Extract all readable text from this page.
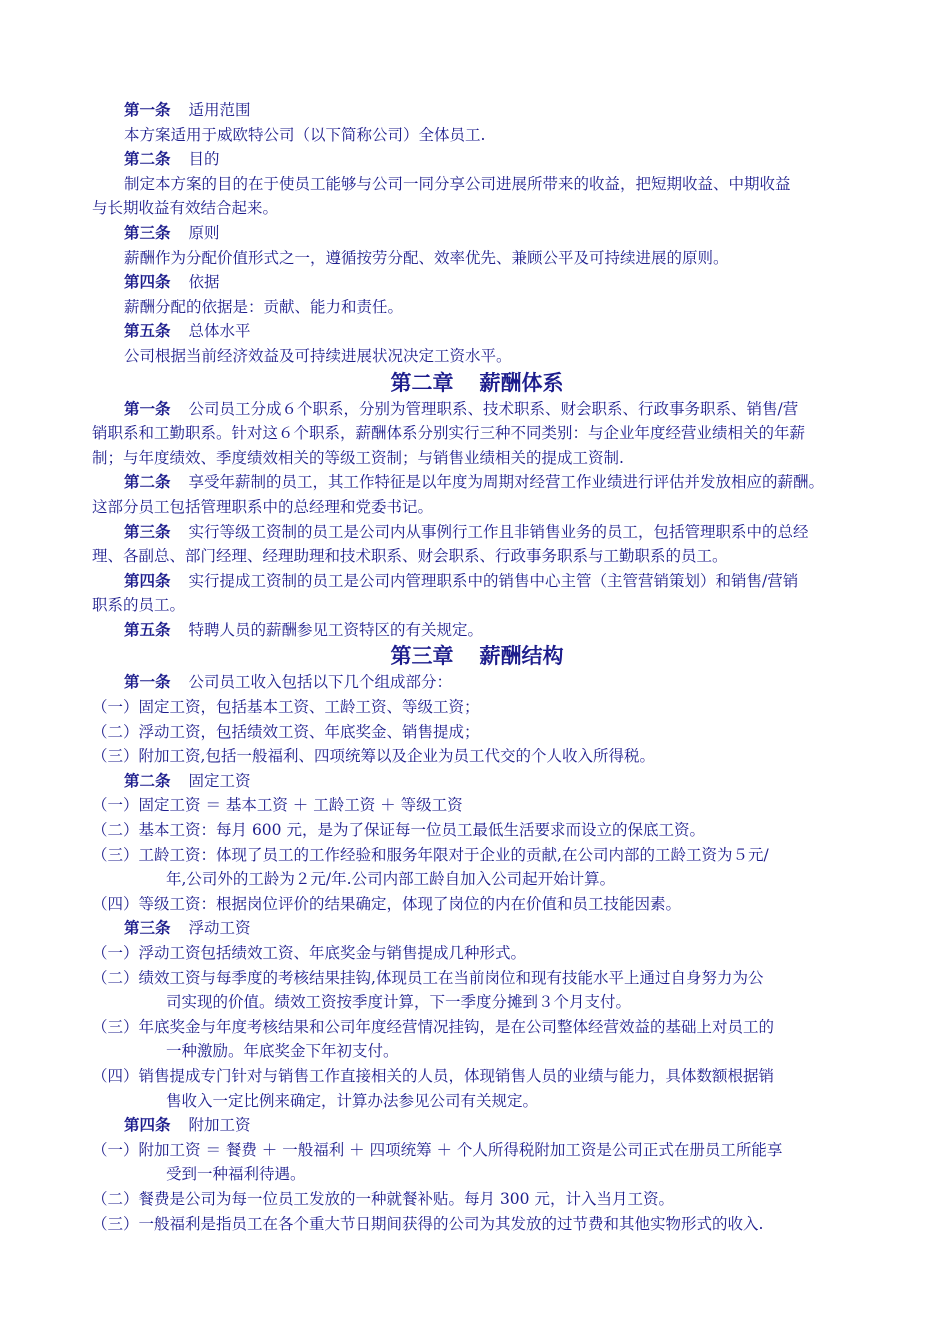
第一条 适用范围
本方案适用于威欧特公司（以下简称公司）全体员工.
第二条 目的
制定本方案的目的在于使员工能够与公司一同分享公司进展所带来的收益，把短期收益、中期收益
与长期收益有效结合起来。
第三条 原则
薪酬作为分配价值形式之一，遵循按劳分配、效率优先、兼顾公平及可持续进展的原则。
第四条 依据
薪酬分配的依据是：贡献、能力和责任。
第五条 总体水平
公司根据当前经济效益及可持续进展状况决定工资水平。
第二章 薪酬体系
第一条 公司员工分成６个职系，分别为管理职系、技术职系、财会职系、行政事务职系、销售/营
销职系和工勤职系。针对这６个职系，薪酬体系分别实行三种不同类别：与企业年度经营业绩相关的年薪
制；与年度绩效、季度绩效相关的等级工资制；与销售业绩相关的提成工资制.
第二条 享受年薪制的员工，其工作特征是以年度为周期对经营工作业绩进行评估并发放相应的薪酬。
这部分员工包括管理职系中的总经理和党委书记。
第三条 实行等级工资制的员工是公司内从事例行工作且非销售业务的员工，包括管理职系中的总经
理、各副总、部门经理、经理助理和技术职系、财会职系、行政事务职系与工勤职系的员工。
第四条 实行提成工资制的员工是公司内管理职系中的销售中心主管（主管营销策划）和销售/营销
职系的员工。
第五条 特聘人员的薪酬参见工资特区的有关规定。
第三章 薪酬结构
第一条 公司员工收入包括以下几个组成部分：
（一）固定工资，包括基本工资、工龄工资、等级工资；
（二）浮动工资，包括绩效工资、年底奖金、销售提成；
（三）附加工资,包括一般福利、四项统筹以及企业为员工代交的个人收入所得税。
第二条 固定工资
（一）固定工资 ＝ 基本工资 ＋ 工龄工资 ＋ 等级工资
（二）基本工资：每月 600 元，是为了保证每一位员工最低生活要求而设立的保底工资。
（三）工龄工资：体现了员工的工作经验和服务年限对于企业的贡献,在公司内部的工龄工资为５元/
年,公司外的工龄为２元/年.公司内部工龄自加入公司起开始计算。
（四）等级工资：根据岗位评价的结果确定，体现了岗位的内在价值和员工技能因素。
第三条 浮动工资
（一）浮动工资包括绩效工资、年底奖金与销售提成几种形式。
（二）绩效工资与每季度的考核结果挂钩,体现员工在当前岗位和现有技能水平上通过自身努力为公
司实现的价值。绩效工资按季度计算，下一季度分摊到３个月支付。
（三）年底奖金与年度考核结果和公司年度经营情况挂钩，是在公司整体经营效益的基础上对员工的
一种激励。年底奖金下年初支付。
（四）销售提成专门针对与销售工作直接相关的人员，体现销售人员的业绩与能力，具体数额根据销
售收入一定比例来确定，计算办法参见公司有关规定。
第四条 附加工资
（一）附加工资 ＝ 餐费 ＋ 一般福利 ＋ 四项统筹 ＋ 个人所得税附加工资是公司正式在册员工所能享
受到一种福利待遇。
（二）餐费是公司为每一位员工发放的一种就餐补贴。每月 300 元，计入当月工资。
（三）一般福利是指员工在各个重大节日期间获得的公司为其发放的过节费和其他实物形式的收入.
